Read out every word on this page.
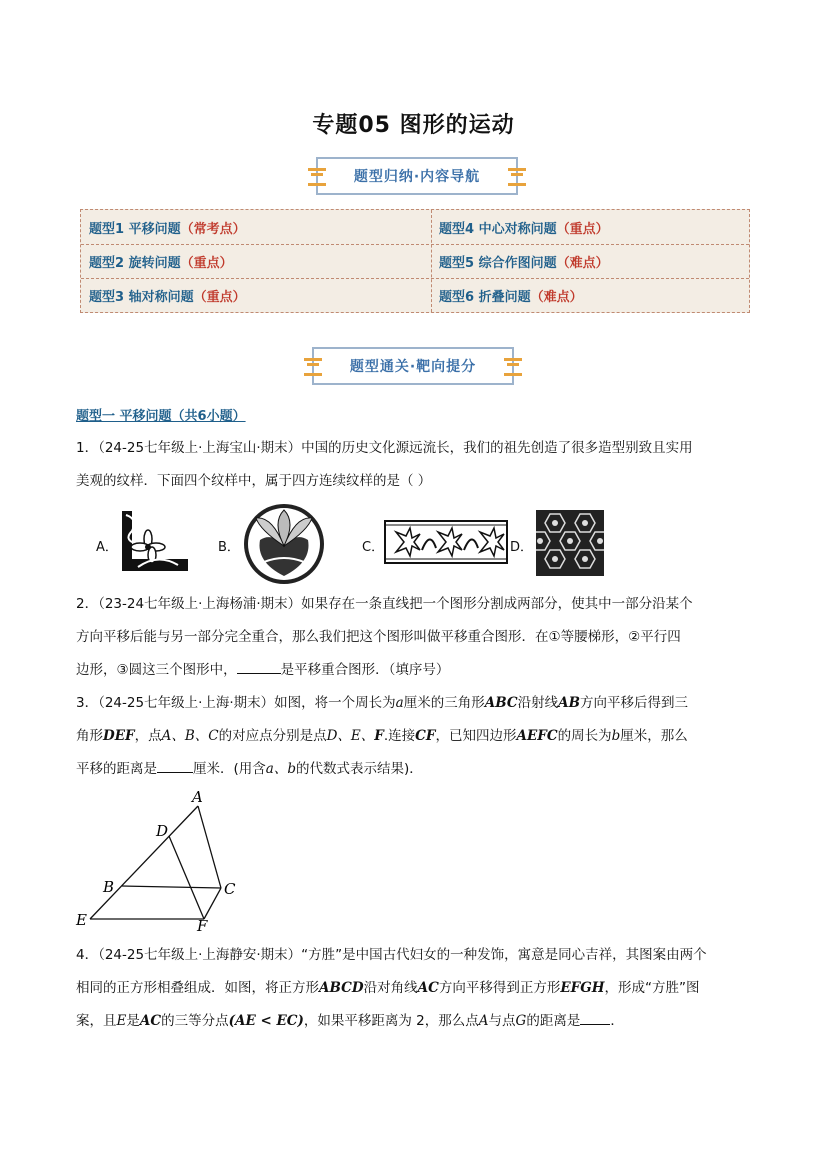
专题05 图形的运动
题型归纳·内容导航
题型1 平移问题 （常考点）	题型4 中心对称问题 （重点）
题型2 旋转问题 （重点）	题型5 综合作图问题 （难点）
题型3 轴对称问题 （重点）	题型6 折叠问题 （难点）
题型通关·靶向提分
题型一 平移问题（共6小题）
1．（24-25七年级上·上海宝山·期末）中国的历史文化源远流长，我们的祖先创造了很多造型别致且实用
美观的纹样．下面四个纹样中，属于四方连续纹样的是（ ）
A．	B．	C．	D．
2．（23-24七年级上·上海杨浦·期末）如果存在一条直线把一个图形分割成两部分，使其中一部分沿某个
方向平移后能与另一部分完全重合，那么我们把这个图形叫做平移重合图形．在①等腰梯形，②平行四
边形，③圆这三个图形中，	是平移重合图形．（填序号）
3．（24-25七年级上·上海·期末）如图，将一个周长为a厘米的三角形ABC沿射线AB方向平移后得到三
角形DEF，点A、B、C的对应点分别是点D、E、F.连接CF，已知四边形AEFC的周长为b厘米，那么
平移的距离是	厘米．(用含a、b的代数式表示结果)．
A
D
B	C
E	F
4．（24-25七年级上·上海静安·期末）“方胜”是中国古代妇女的一种发饰，寓意是同心吉祥，其图案由两个
相同的正方形相叠组成．如图，将正方形ABCD沿对角线AC方向平移得到正方形EFGH，形成“方胜”图
案，且E是AC的三等分点(AE < EC)，如果平移距离为 2，那么点A与点G的距离是 ．
